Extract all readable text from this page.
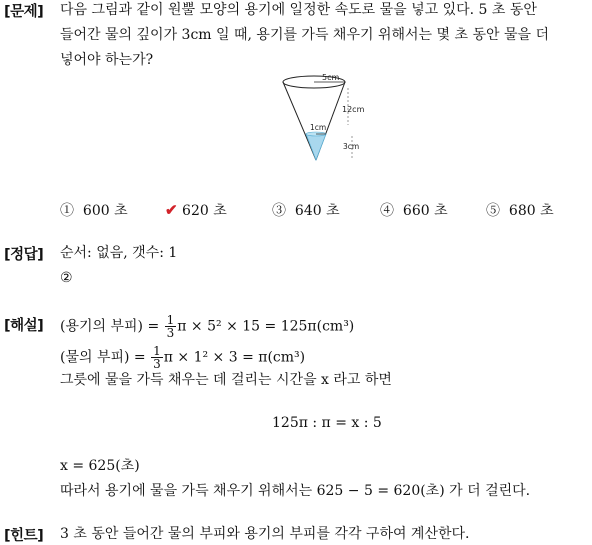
[문제] 다음 그림과 같이 원뿔 모양의 용기에 일정한 속도로 물을 넣고 있다. 5 초 동안
들어간 물의 깊이가 3cm 일 때, 용기를 가득 채우기 위해서는 몇 초 동안 물을 더
넣어야 하는가?
5cm
12cm
1cm
3cm
① 600 초 ✔ 620 초	③ 640 초	④ 660 초	⑤ 680 초
[정답] 순서: 없음, 갯수: 1
②
[해설] (용기의 부피) = $\frac{1}{3}$ π × 5² × 15 = 125π(cm³)
(물의 부피) = $\frac{1}{3}$ π × 1² × 3 = π(cm³)
그릇에 물을 가득 채우는 데 걸리는 시간을 x 라고 하면
125π : π = x : 5
x = 625(초)
따라서 용기에 물을 가득 채우기 위해서는 625 − 5 = 620(초) 가 더 걸린다.
[힌트] 3 초 동안 들어간 물의 부피와 용기의 부피를 각각 구하여 계산한다.
